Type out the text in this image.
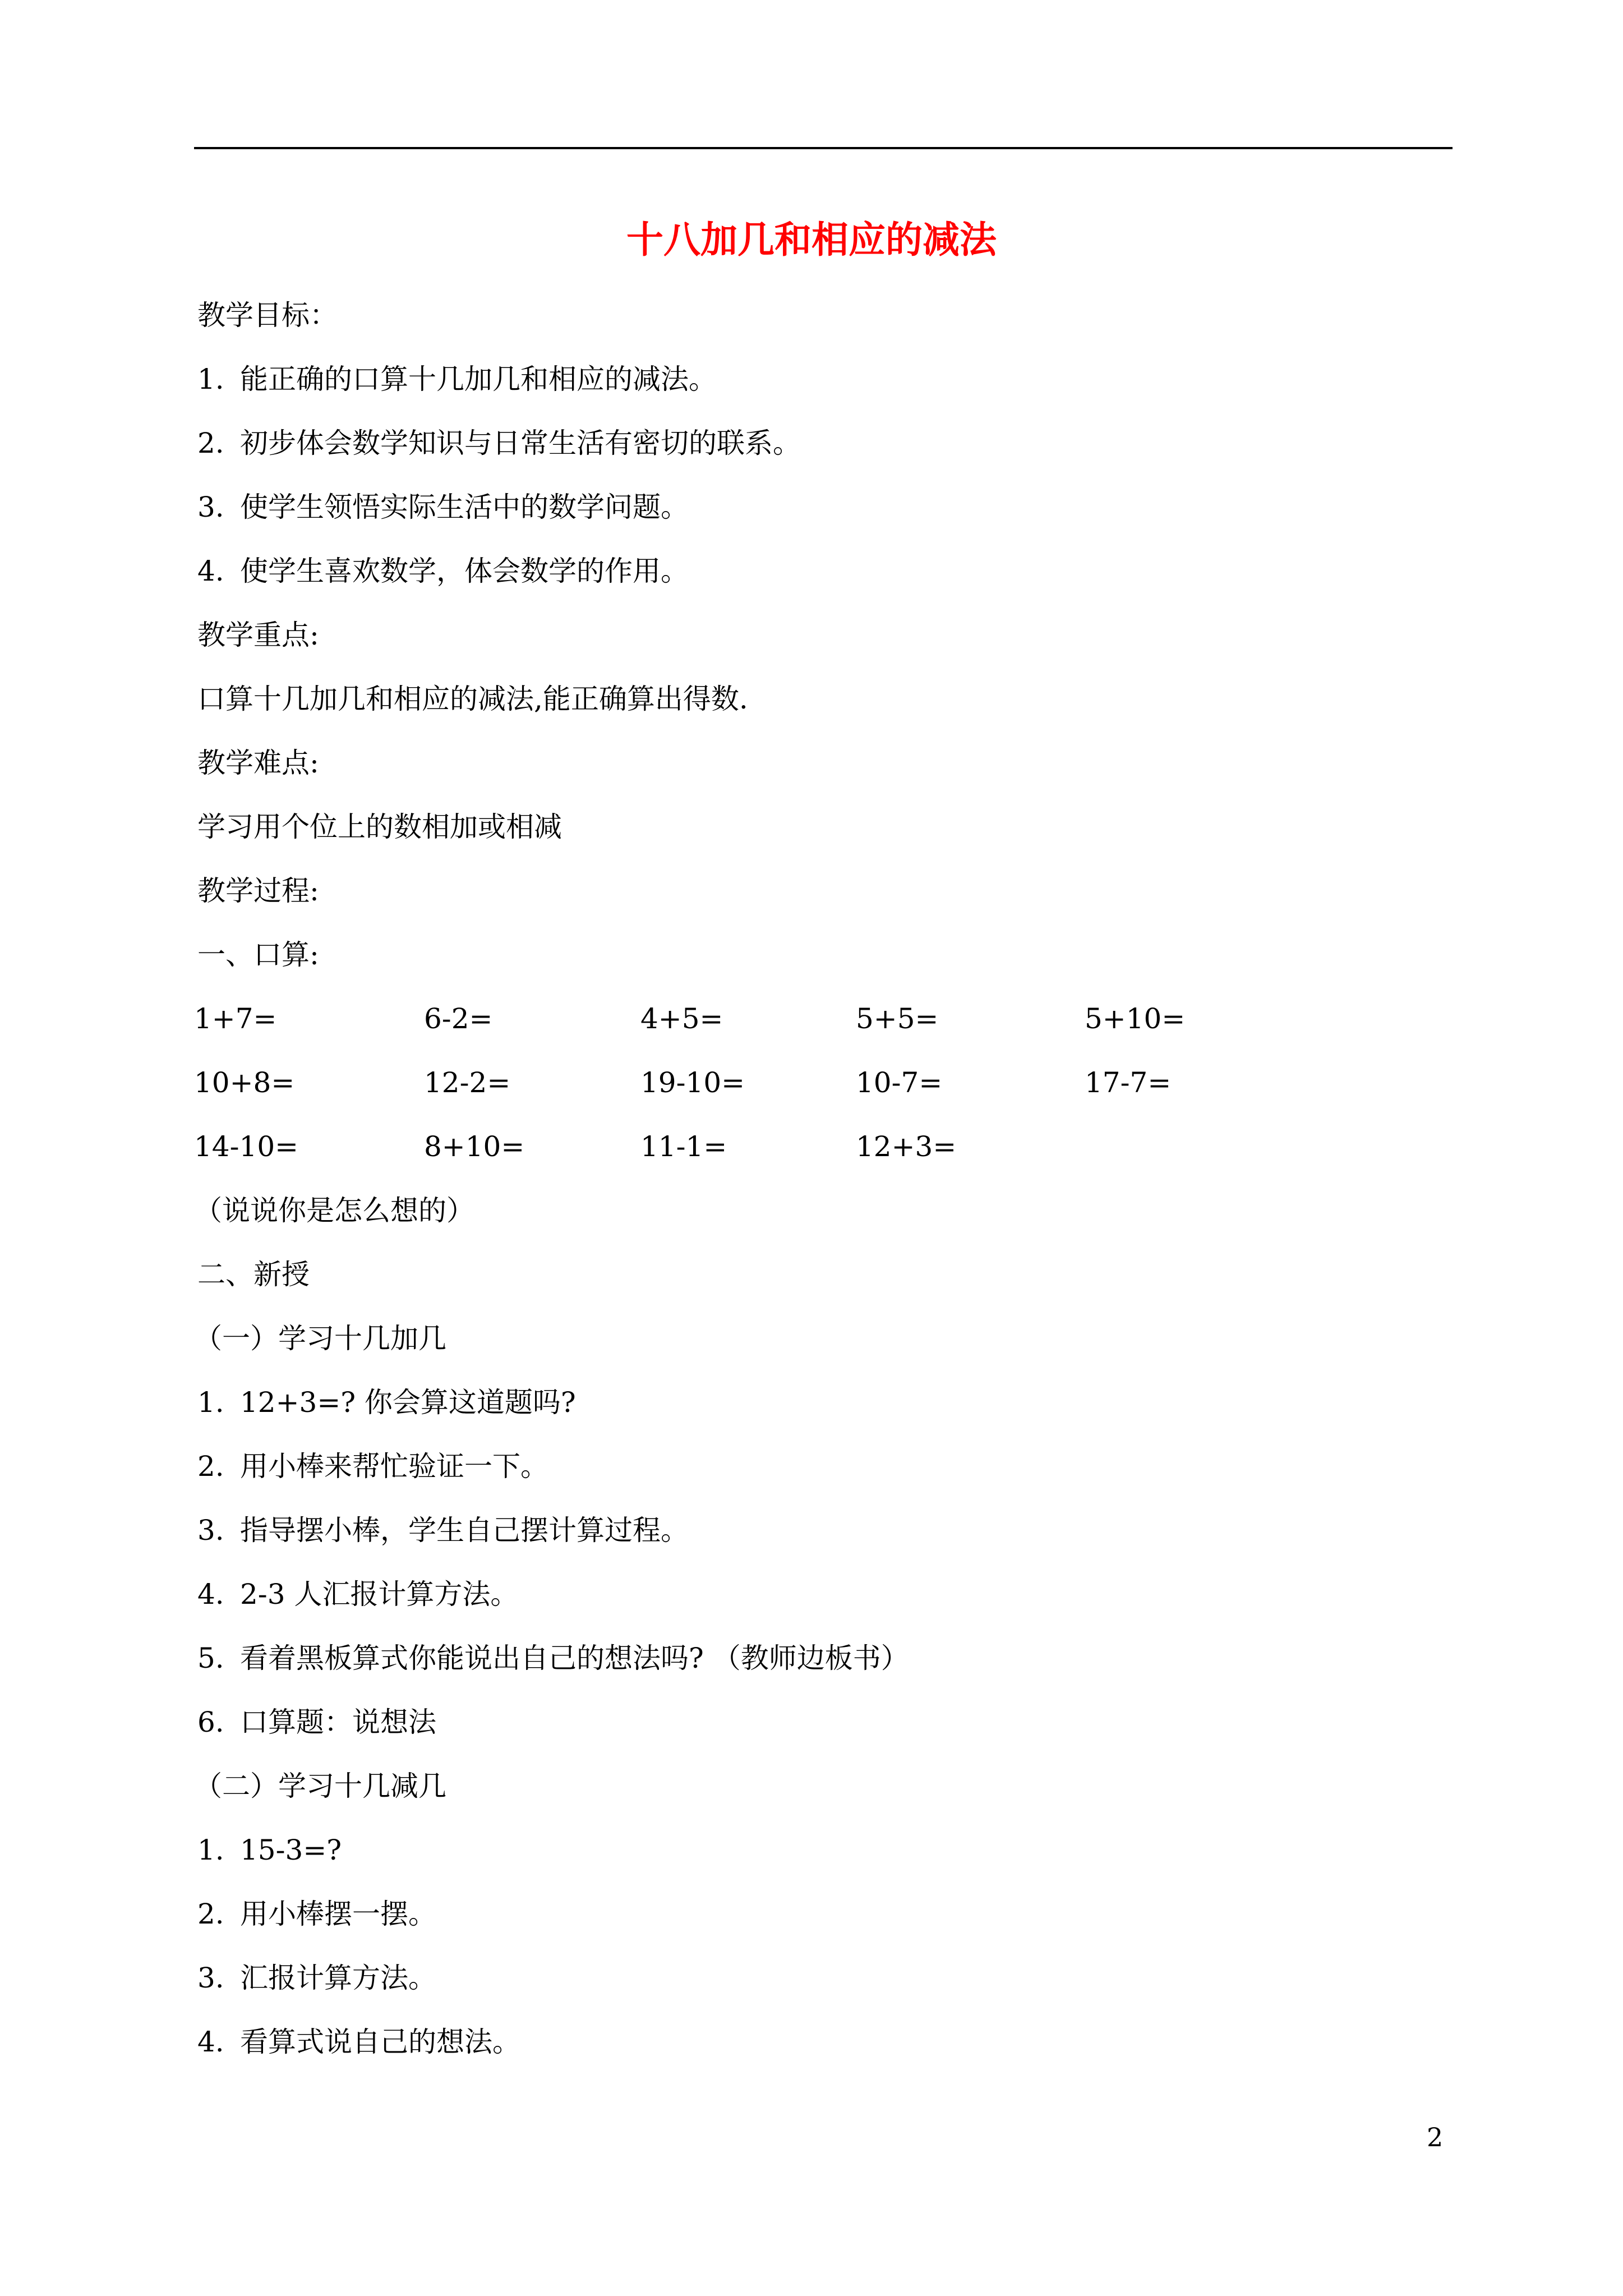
十八加几和相应的减法
教学目标：
1. 能正确的口算十几加几和相应的减法。
2. 初步体会数学知识与日常生活有密切的联系。
3. 使学生领悟实际生活中的数学问题。
4. 使学生喜欢数学，体会数学的作用。
教学重点:
口算十几加几和相应的减法,能正确算出得数.
教学难点:
学习用个位上的数相加或相减
教学过程:
一、口算:
1+7=	6-2=	4+5=	5+5=	5+10=
10+8=	12-2=	19-10=	10-7=	17-7=
14-10=	8+10=	11-1=	12+3=
（说说你是怎么想的）
二、新授
（一）学习十几加几
1. 12+3=? 你会算这道题吗?
2. 用小棒来帮忙验证一下。
3. 指导摆小棒，学生自己摆计算过程。
4. 2-3 人汇报计算方法。
5. 看着黑板算式你能说出自己的想法吗? （教师边板书）
6. 口算题：说想法
（二）学习十几减几
1. 15-3=?
2. 用小棒摆一摆。
3. 汇报计算方法。
4. 看算式说自己的想法。
2
